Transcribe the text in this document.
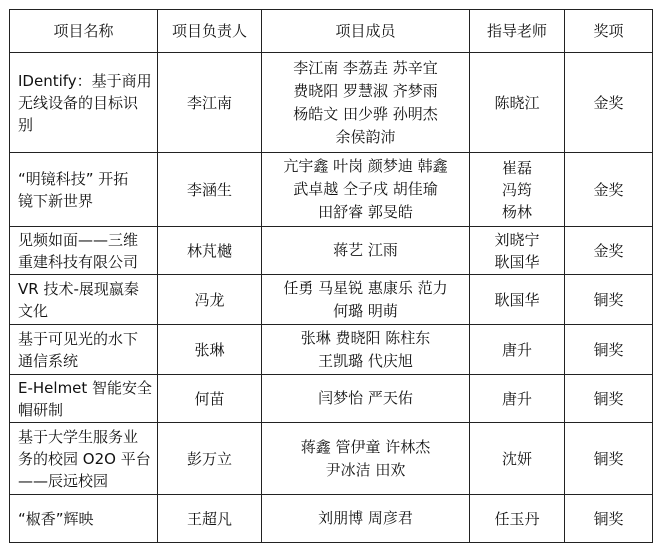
项目名称	项目负责人	项目成员	指导老师	奖项

IDentify：基于商用
无线设备的目标识
别	李江南	李江南 李荔垚 苏辛宜
费晓阳 罗慧淑 齐梦雨
杨皓文 田少骅 孙明杰
余侯韵沛	陈晓江	金奖

“明镜科技” 开拓
镜下新世界	李涵生	亢宇鑫 叶岗 颜梦迪 韩鑫
武卓越 仝子戌 胡佳瑜
田舒睿 郭旻皓	崔磊
冯筠
杨林	金奖

见频如面——三维
重建科技有限公司	林芃樾	蒋艺 江雨	刘晓宁
耿国华	金奖

VR 技术-展现嬴秦
文化	冯龙	任勇 马星锐 惠康乐 范力
何璐 明萌	耿国华	铜奖

基于可见光的水下
通信系统	张琳	张琳 费晓阳 陈柱东
王凯璐 代庆旭	唐升	铜奖

E-Helmet 智能安全
帽研制	何苗	闫梦怡 严天佑	唐升	铜奖

基于大学生服务业
务的校园 O2O 平台
——辰远校园	彭万立	蒋鑫 管伊童 许林杰
尹冰洁 田欢	沈妍	铜奖

“椒香”辉映	王超凡	刘朋博 周彦君	任玉丹	铜奖
